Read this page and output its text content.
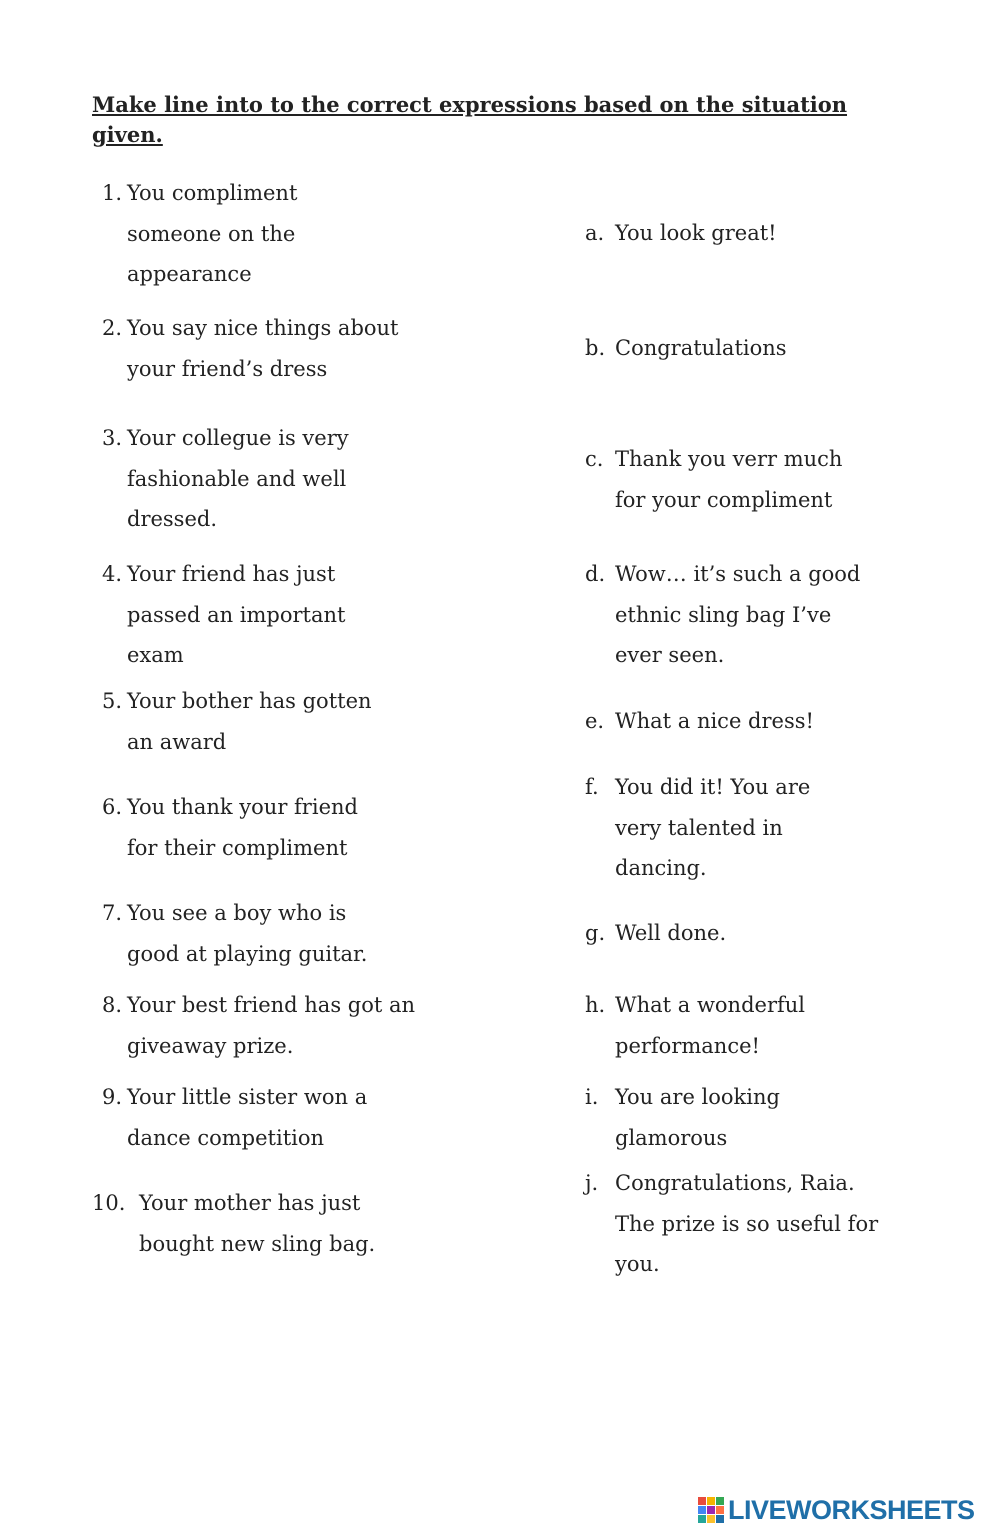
Make line into to the correct expressions based on the situation given.
1. You compliment someone on the appearance
2. You say nice things about your friend’s dress
3. Your collegue is very fashionable and well dressed.
4. Your friend has just passed an important exam
5. Your bother has gotten an award
6. You thank your friend for their compliment
7. You see a boy who is good at playing guitar.
8. Your best friend has got an giveaway prize.
9. Your little sister won a dance competition
10. Your mother has just bought new sling bag.
a. You look great!
b. Congratulations
c. Thank you verr much for your compliment
d. Wow… it’s such a good ethnic sling bag I’ve ever seen.
e. What a nice dress!
f. You did it! You are very talented in dancing.
g. Well done.
h. What a wonderful performance!
i. You are looking glamorous
j. Congratulations, Raia. The prize is so useful for you.
LIVEWORKSHEETS
